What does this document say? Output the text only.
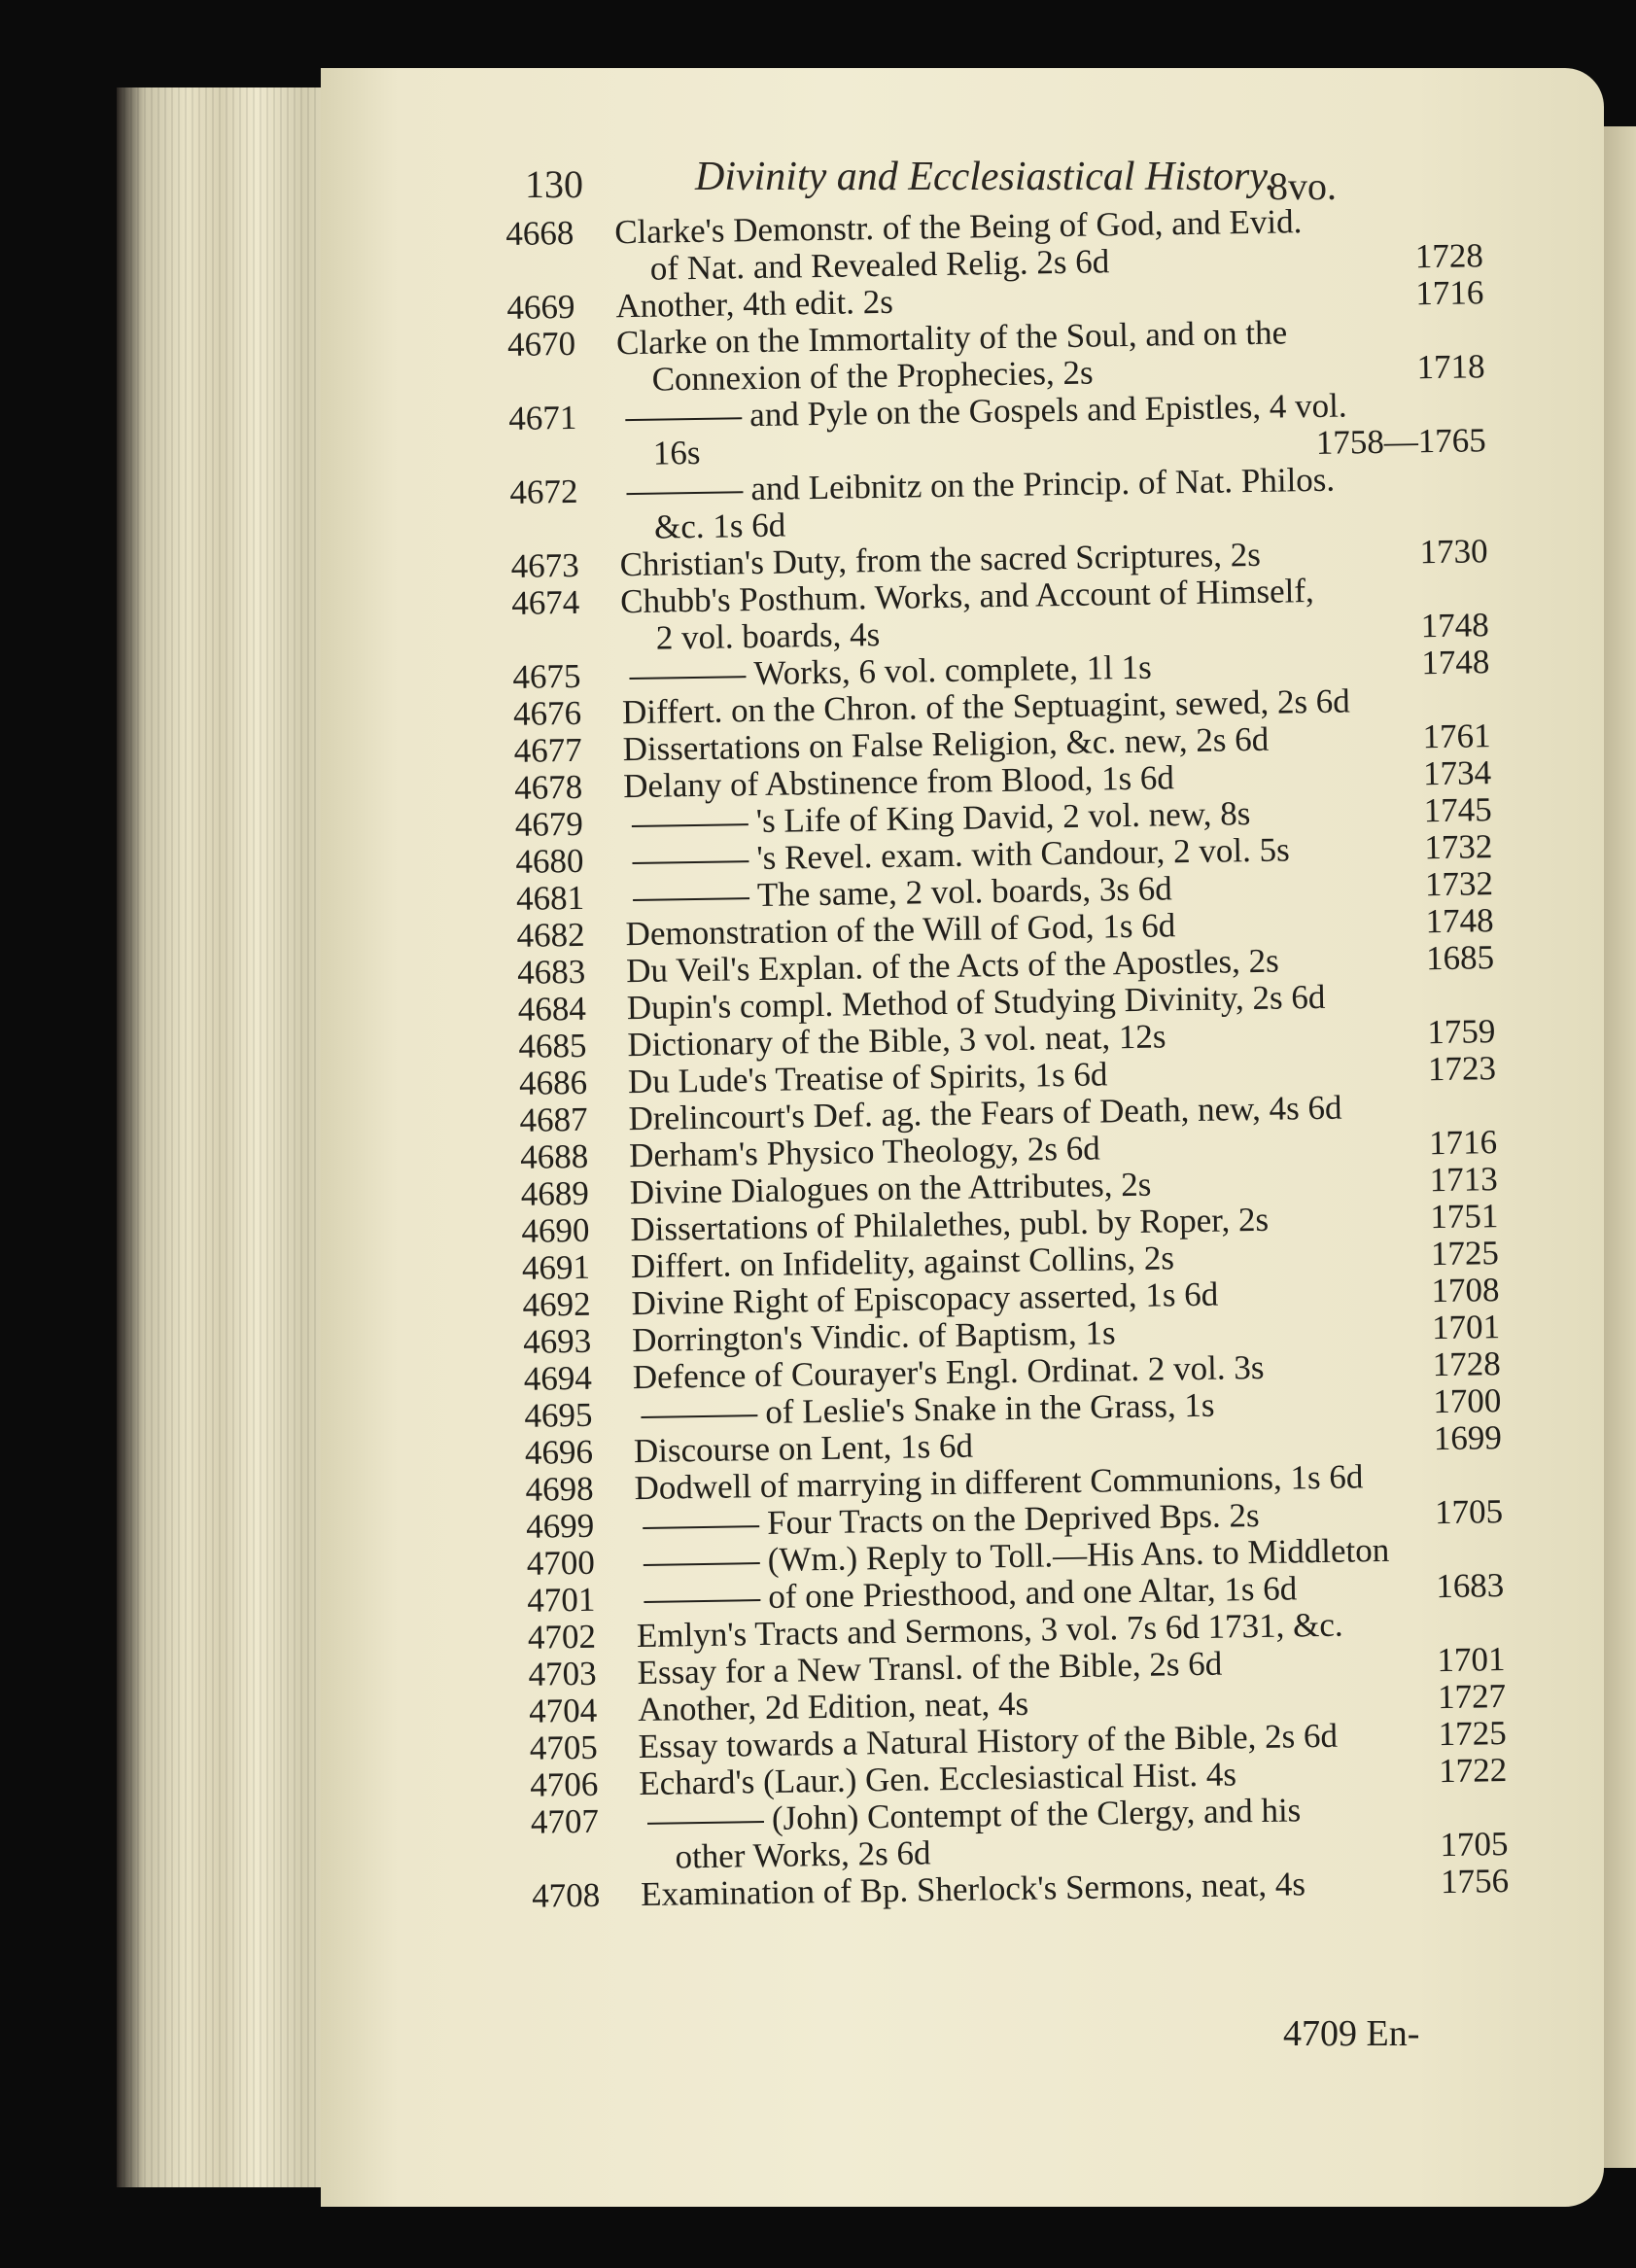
130	Divinity and Ecclesiastical History.
8vo.
4668	Clarke's Demonstr. of the Being of God, and Evid.
of Nat. and Revealed Relig. 2s 6d	1728
4669	Another, 4th edit. 2s	1716
4670	Clarke on the Immortality of the Soul, and on the
Connexion of the Prophecies, 2s	1718
4671	and Pyle on the Gospels and Epistles, 4 vol.
16s	1758—1765
4672	and Leibnitz on the Princip. of Nat. Philos.
&c. 1s 6d
4673	Christian's Duty, from the sacred Scriptures, 2s	1730
4674	Chubb's Posthum. Works, and Account of Himself,
2 vol. boards, 4s	1748
4675	Works, 6 vol. complete, 1l 1s	1748
4676	Differt. on the Chron. of the Septuagint, sewed, 2s 6d
4677	Dissertations on False Religion, &c. new, 2s 6d	1761
4678	Delany of Abstinence from Blood, 1s 6d	1734
4679	's Life of King David, 2 vol. new, 8s	1745
4680	's Revel. exam. with Candour, 2 vol. 5s	1732
4681	The same, 2 vol. boards, 3s 6d	1732
4682	Demonstration of the Will of God, 1s 6d	1748
4683	Du Veil's Explan. of the Acts of the Apostles, 2s	1685
4684	Dupin's compl. Method of Studying Divinity, 2s 6d
4685	Dictionary of the Bible, 3 vol. neat, 12s	1759
4686	Du Lude's Treatise of Spirits, 1s 6d	1723
4687	Drelincourt's Def. ag. the Fears of Death, new, 4s 6d
4688	Derham's Physico Theology, 2s 6d	1716
4689	Divine Dialogues on the Attributes, 2s	1713
4690	Dissertations of Philalethes, publ. by Roper, 2s	1751
4691	Differt. on Infidelity, against Collins, 2s	1725
4692	Divine Right of Episcopacy asserted, 1s 6d	1708
4693	Dorrington's Vindic. of Baptism, 1s	1701
4694	Defence of Courayer's Engl. Ordinat. 2 vol. 3s	1728
4695	of Leslie's Snake in the Grass, 1s	1700
4696	Discourse on Lent, 1s 6d	1699
4698	Dodwell of marrying in different Communions, 1s 6d
4699	Four Tracts on the Deprived Bps. 2s	1705
4700	(Wm.) Reply to Toll.—His Ans. to Middleton
4701	of one Priesthood, and one Altar, 1s 6d	1683
4702	Emlyn's Tracts and Sermons, 3 vol. 7s 6d 1731, &c.
4703	Essay for a New Transl. of the Bible, 2s 6d	1701
4704	Another, 2d Edition, neat, 4s	1727
4705	Essay towards a Natural History of the Bible, 2s 6d	1725
4706	Echard's (Laur.) Gen. Ecclesiastical Hist. 4s	1722
4707	(John) Contempt of the Clergy, and his
other Works, 2s 6d	1705
4708	Examination of Bp. Sherlock's Sermons, neat, 4s	1756
4709 En-
